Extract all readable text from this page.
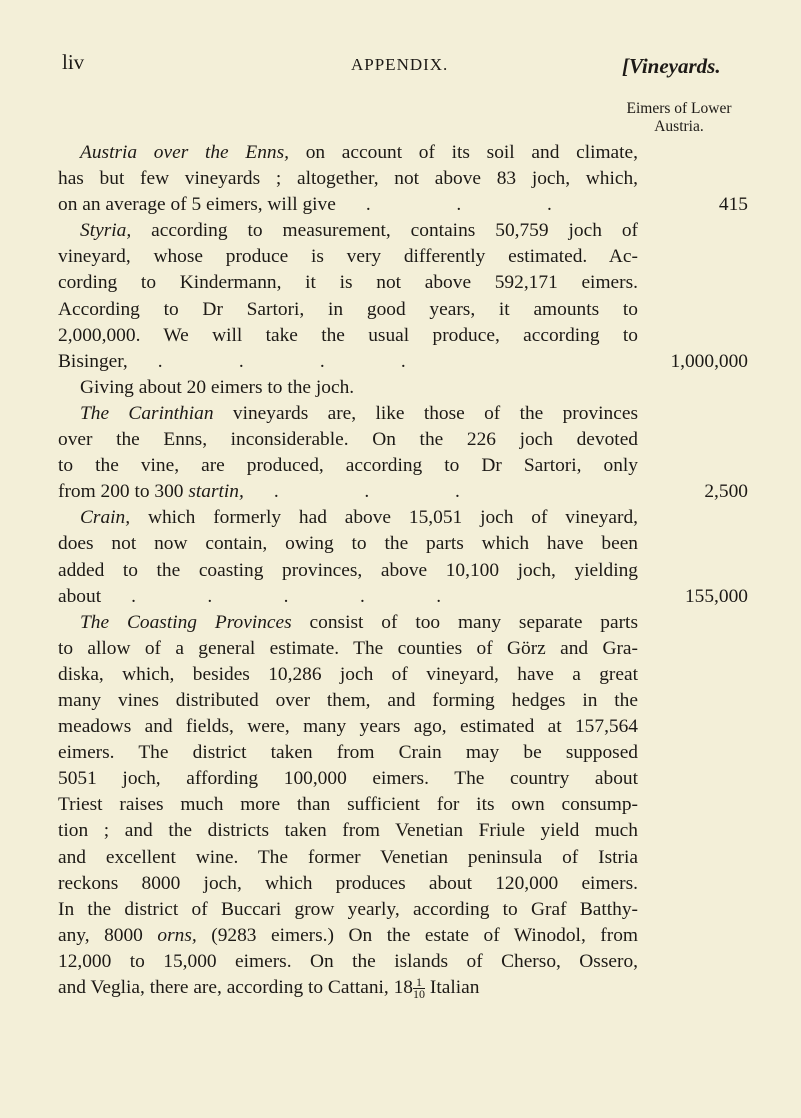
liv	APPENDIX.	[Vineyards.
Eimers of Lower Austria.
Austria over the Enns, on account of its soil and climate,
has but few vineyards ; altogether, not above 83 joch, which,
on an average of 5 eimers, will give . . .	415
Styria, according to measurement, contains 50,759 joch of
vineyard, whose produce is very differently estimated. Ac-
cording to Kindermann, it is not above 592,171 eimers.
According to Dr Sartori, in good years, it amounts to
2,000,000. We will take the usual produce, according to
Bisinger, . . . .	1,000,000
Giving about 20 eimers to the joch.
The Carinthian vineyards are, like those of the provinces
over the Enns, inconsiderable. On the 226 joch devoted
to the vine, are produced, according to Dr Sartori, only
from 200 to 300 startin, . . .	2,500
Crain, which formerly had above 15,051 joch of vineyard,
does not now contain, owing to the parts which have been
added to the coasting provinces, above 10,100 joch, yielding
about . . . . .	155,000
The Coasting Provinces consist of too many separate parts
to allow of a general estimate. The counties of Görz and Gra-
diska, which, besides 10,286 joch of vineyard, have a great
many vines distributed over them, and forming hedges in the
meadows and fields, were, many years ago, estimated at 157,564
eimers. The district taken from Crain may be supposed
5051 joch, affording 100,000 eimers. The country about
Triest raises much more than sufficient for its own consump-
tion ; and the districts taken from Venetian Friule yield much
and excellent wine. The former Venetian peninsula of Istria
reckons 8000 joch, which produces about 120,000 eimers.
In the district of Buccari grow yearly, according to Graf Batthy-
any, 8000 orns, (9283 eimers.) On the estate of Winodol, from
12,000 to 15,000 eimers. On the islands of Cherso, Ossero,
and Veglia, there are, according to Cattani, $18 \frac{1}{10}$ Italian
